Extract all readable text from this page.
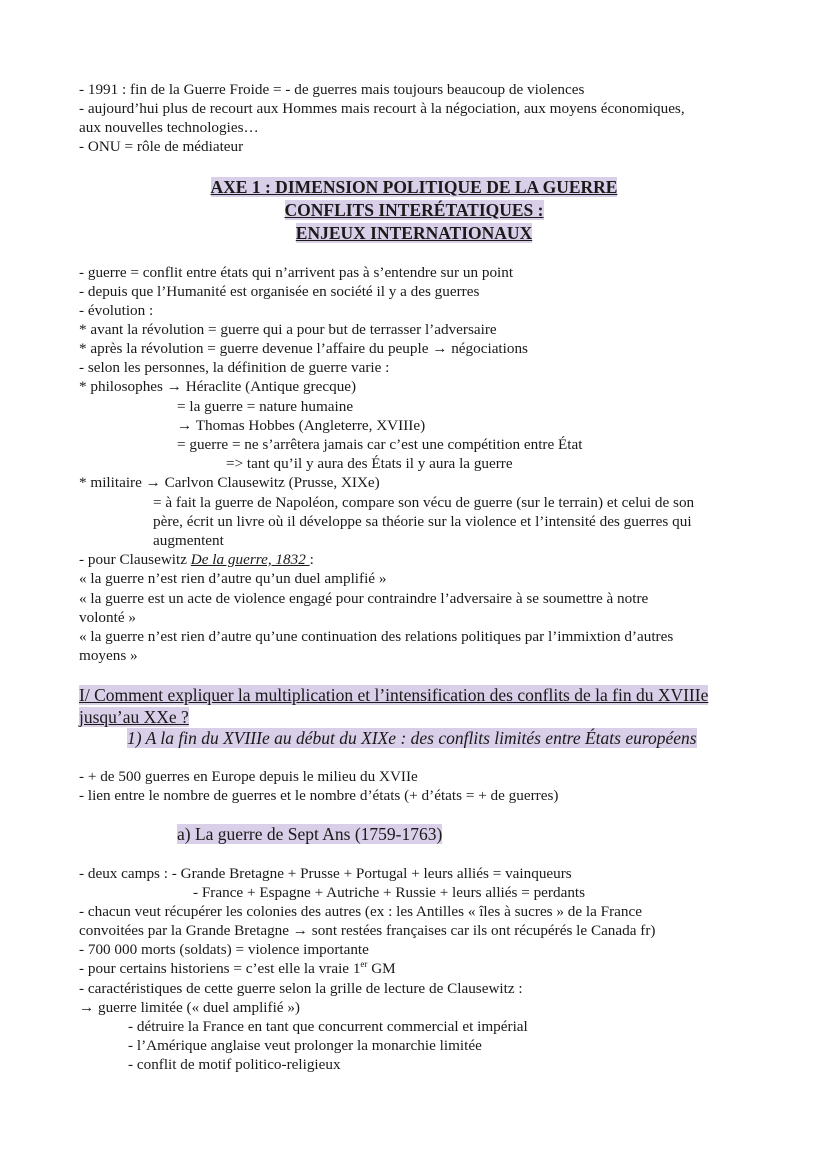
- 1991 : fin de la Guerre Froide = - de guerres mais toujours beaucoup de violences
- aujourd’hui plus de recourt aux Hommes mais recourt à la négociation, aux moyens économiques,
aux nouvelles technologies…
- ONU = rôle de médiateur
AXE 1 : DIMENSION POLITIQUE DE LA GUERRE
CONFLITS INTERÉTATIQUES :
ENJEUX INTERNATIONAUX
- guerre = conflit entre états qui n’arrivent pas à s’entendre sur un point
- depuis que l’Humanité est organisée en société il y a des guerres
- évolution :
* avant la révolution = guerre qui a pour but de terrasser l’adversaire
* après la révolution = guerre devenue l’affaire du peuple → négociations
- selon les personnes, la définition de guerre varie :
* philosophes → Héraclite (Antique grecque)
= la guerre = nature humaine
→ Thomas Hobbes (Angleterre, XVIIIe)
= guerre = ne s’arrêtera jamais car c’est une compétition entre État
=> tant qu’il y aura des États il y aura la guerre
* militaire → Carlvon Clausewitz (Prusse, XIXe)
= à fait la guerre de Napoléon, compare son vécu de guerre (sur le terrain) et celui de son
père, écrit un livre où il développe sa théorie sur la violence et l’intensité des guerres qui
augmentent
- pour Clausewitz De la guerre, 1832 :
« la guerre n’est rien d’autre qu’un duel amplifié »
« la guerre est un acte de violence engagé pour contraindre l’adversaire à se soumettre à notre
volonté »
« la guerre n’est rien d’autre qu’une continuation des relations politiques par l’immixtion d’autres
moyens »
I/ Comment expliquer la multiplication et l’intensification des conflits de la fin du XVIIIe
jusqu’au XXe ?
1) A la fin du XVIIIe au début du XIXe : des conflits limités entre États européens
- + de 500 guerres en Europe depuis le milieu du XVIIe
- lien entre le nombre de guerres et le nombre d’états (+ d’états = + de guerres)
a) La guerre de Sept Ans (1759-1763)
- deux camps : - Grande Bretagne + Prusse + Portugal + leurs alliés = vainqueurs
- France + Espagne + Autriche + Russie + leurs alliés = perdants
- chacun veut récupérer les colonies des autres (ex : les Antilles « îles à sucres » de la France
convoitées par la Grande Bretagne → sont restées françaises car ils ont récupérés le Canada fr)
- 700 000 morts (soldats) = violence importante
- pour certains historiens = c’est elle la vraie 1er GM
- caractéristiques de cette guerre selon la grille de lecture de Clausewitz :
→ guerre limitée (« duel amplifié »)
- détruire la France en tant que concurrent commercial et impérial
- l’Amérique anglaise veut prolonger la monarchie limitée
- conflit de motif politico-religieux
